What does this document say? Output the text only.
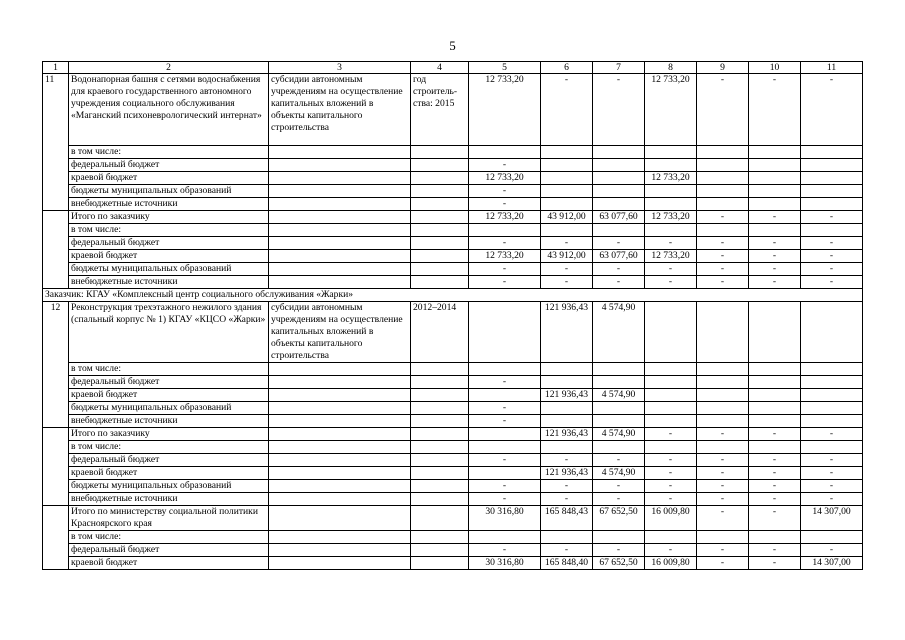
5
1	2	3	4	5	6	7	8	9	10	11
11	Водонапорная башня с сетями водоснабжения для краевого государственного автономного учреждения социального обслуживания «Маганский психоневрологический интернат»	субсидии автономным учреждениям на осуществление капитальных вложений в объекты капитального строительства	год строитель-ства: 2015	12 733,20	-	-	12 733,20	-	-	-
	в том числе:									
	федеральный бюджет			-						
	краевой бюджет			12 733,20			12 733,20			
	бюджеты муниципальных образований			-						
	внебюджетные источники			-						
	Итого по заказчику			12 733,20	43 912,00	63 077,60	12 733,20	-	-	-
	в том числе:									
	федеральный бюджет			-	-	-	-	-	-	-
	краевой бюджет			12 733,20	43 912,00	63 077,60	12 733,20	-	-	-
	бюджеты муниципальных образований			-	-	-	-	-	-	-
	внебюджетные источники			-	-	-	-	-	-	-
Заказчик: КГАУ «Комплексный центр социального обслуживания «Жарки»										
12	Реконструкция трехэтажного нежилого здания (спальный корпус № 1) КГАУ «КЦСО «Жарки»	субсидии автономным учреждениям на осуществление капитальных вложений в объекты капитального строительства	2012–2014		121 936,43	4 574,90				
	в том числе:									
	федеральный бюджет			-						
	краевой бюджет				121 936,43	4 574,90				
	бюджеты муниципальных образований			-						
	внебюджетные источники			-						
	Итого по заказчику				121 936,43	4 574,90	-	-	-	-
	в том числе:									
	федеральный бюджет			-	-	-	-	-	-	-
	краевой бюджет				121 936,43	4 574,90	-	-	-	-
	бюджеты муниципальных образований			-	-	-	-	-	-	-
	внебюджетные источники			-	-	-	-	-	-	-
	Итого по министерству социальной политики Красноярского края			30 316,80	165 848,43	67 652,50	16 009,80	-	-	14 307,00
	в том числе:									
	федеральный бюджет			-	-	-	-	-	-	-
	краевой бюджет			30 316,80	165 848,40	67 652,50	16 009,80	-	-	14 307,00
